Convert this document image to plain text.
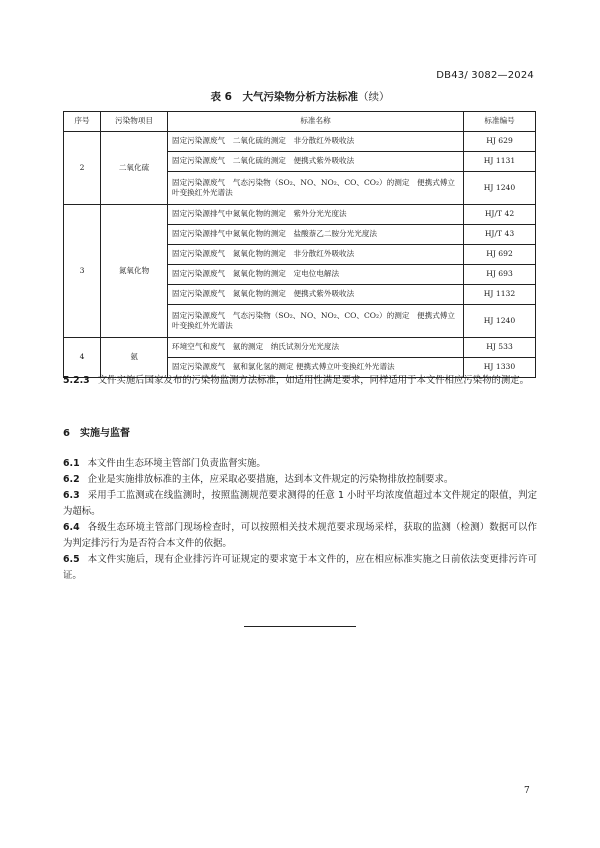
DB43/ 3082—2024
表 6　大气污染物分析方法标准（续）
序号	污染物项目	标准名称	标准编号
2	二氧化硫	固定污染源废气　二氧化硫的测定　非分散红外吸收法	HJ 629
		固定污染源废气　二氧化硫的测定　便携式紫外吸收法	HJ 1131
		固定污染源废气　气态污染物（SO₂、NO、NO₂、CO、CO₂）的测定　便携式傅立叶变换红外光谱法	HJ 1240
3	氮氧化物	固定污染源排气中氮氧化物的测定　紫外分光光度法	HJ/T 42
		固定污染源排气中氮氧化物的测定　盐酸萘乙二胺分光光度法	HJ/T 43
		固定污染源废气　氮氧化物的测定　非分散红外吸收法	HJ 692
		固定污染源废气　氮氧化物的测定　定电位电解法	HJ 693
		固定污染源废气　氮氧化物的测定　便携式紫外吸收法	HJ 1132
		固定污染源废气　气态污染物（SO₂、NO、NO₂、CO、CO₂）的测定　便携式傅立叶变换红外光谱法	HJ 1240
4	氨	环境空气和废气　氨的测定　纳氏试剂分光光度法	HJ 533
		固定污染源废气　氨和氯化氢的测定 便携式傅立叶变换红外光谱法	HJ 1330
5.2.3 文件实施后国家发布的污染物监测方法标准，如适用性满足要求，同样适用于本文件相应污染物的测定。
6 实施与监督
6.1 本文件由生态环境主管部门负责监督实施。
6.2 企业是实施排放标准的主体，应采取必要措施，达到本文件规定的污染物排放控制要求。
6.3 采用手工监测或在线监测时，按照监测规范要求测得的任意 1 小时平均浓度值超过本文件规定的限值，判定为超标。
6.4 各级生态环境主管部门现场检查时，可以按照相关技术规范要求现场采样，获取的监测（检测）数据可以作为判定排污行为是否符合本文件的依据。
6.5 本文件实施后，现有企业排污许可证规定的要求宽于本文件的，应在相应标准实施之日前依法变更排污许可证。
7
